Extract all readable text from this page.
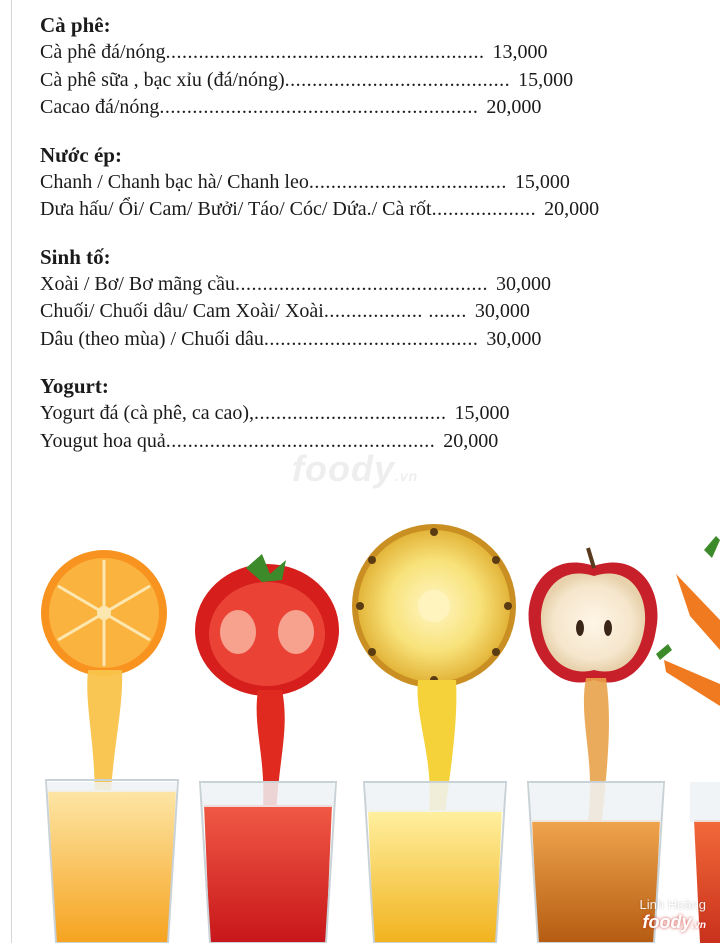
Cà phê:
Cà phê đá/nóng .......................................................... 13,000
Cà phê sữa , bạc xỉu (đá/nóng) ......................................... 15,000
Cacao đá/nóng .......................................................... 20,000
Nước ép:
Chanh / Chanh bạc hà/ Chanh leo .................................... 15,000
Dưa hấu/ Ổi/ Cam/ Bưởi/ Táo/ Cóc/ Dứa./ Cà rốt ................... 20,000
Sinh tố:
Xoài / Bơ/ Bơ mãng cầu .............................................. 30,000
Chuối/ Chuối dâu/ Cam Xoài/ Xoài .................. ....... 30,000
Dâu (theo mùa) / Chuối dâu ....................................... 30,000
Yogurt:
Yogurt đá (cà phê, ca cao), ................................... 15,000
Yougut hoa quả ................................................. 20,000
foody.vn
Linh Hoàng
foody.vn
